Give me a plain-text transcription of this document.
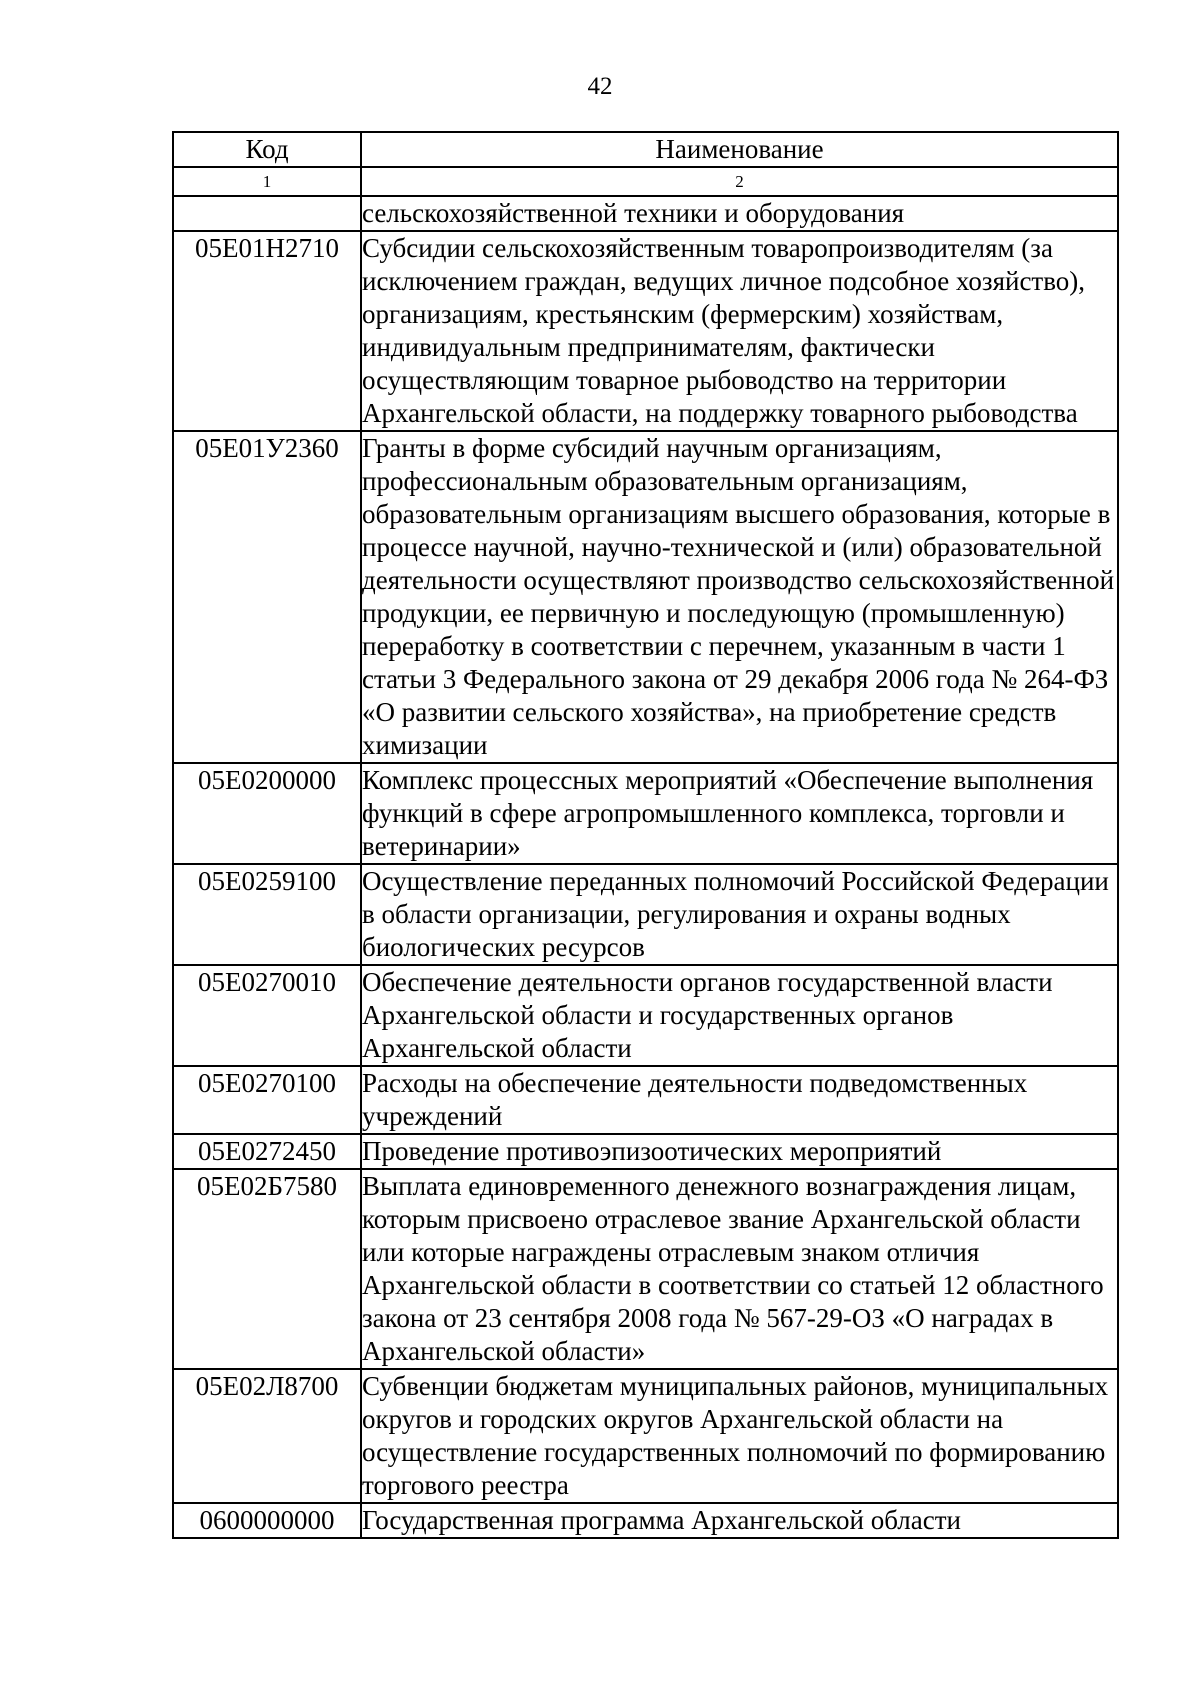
42
Код	Наименование
1	2
	сельскохозяйственной техники и оборудования
05Е01Н2710	Субсидии сельскохозяйственным товаропроизводителям (за исключением граждан, ведущих личное подсобное хозяйство), организациям, крестьянским (фермерским) хозяйствам, индивидуальным предпринимателям, фактически осуществляющим товарное рыбоводство на территории Архангельской области, на поддержку товарного рыбоводства
05Е01У2360	Гранты в форме субсидий научным организациям, профессиональным образовательным организациям, образовательным организациям высшего образования, которые в процессе научной, научно-технической и (или) образовательной деятельности осуществляют производство сельскохозяйственной продукции, ее первичную и последующую (промышленную) переработку в соответствии с перечнем, указанным в части 1 статьи 3 Федерального закона от 29 декабря 2006 года № 264-ФЗ «О развитии сельского хозяйства», на приобретение средств химизации
05Е0200000	Комплекс процессных мероприятий «Обеспечение выполнения функций в сфере агропромышленного комплекса, торговли и ветеринарии»
05Е0259100	Осуществление переданных полномочий Российской Федерации в области организации, регулирования и охраны водных биологических ресурсов
05Е0270010	Обеспечение деятельности органов государственной власти Архангельской области и государственных органов Архангельской области
05Е0270100	Расходы на обеспечение деятельности подведомственных учреждений
05Е0272450	Проведение противоэпизоотических мероприятий
05Е02Б7580	Выплата единовременного денежного вознаграждения лицам, которым присвоено отраслевое звание Архангельской области или которые награждены отраслевым знаком отличия Архангельской области в соответствии со статьей 12 областного закона от 23 сентября 2008 года № 567-29-ОЗ «О наградах в Архангельской области»
05Е02Л8700	Субвенции бюджетам муниципальных районов, муниципальных округов и городских округов Архангельской области на осуществление государственных полномочий по формированию торгового реестра
0600000000	Государственная программа Архангельской области
